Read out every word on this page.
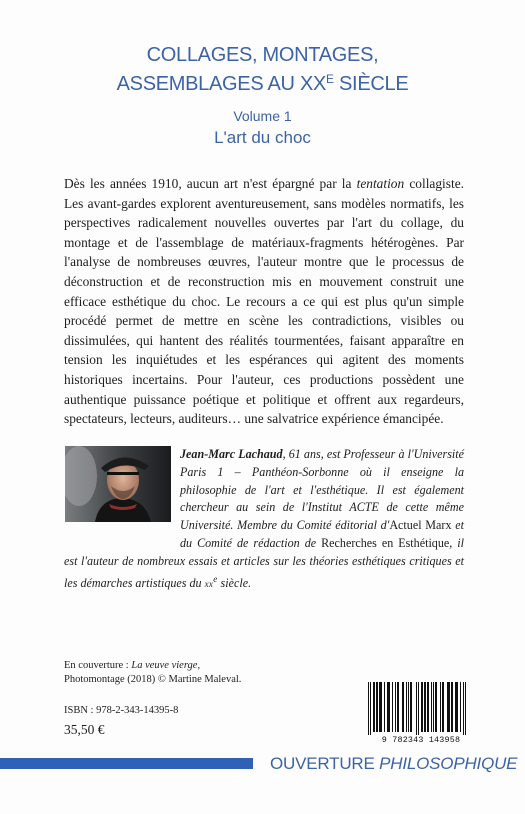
COLLAGES, MONTAGES,
ASSEMBLAGES AU $XX^E$ SIÈCLE
Volume 1
L'art du choc
Dès les années 1910, aucun art n'est épargné par la tentation collagiste. Les avant-gardes explorent aventureusement, sans modèles normatifs, les perspectives radicalement nouvelles ouvertes par l'art du collage, du montage et de l'assemblage de matériaux-fragments hétérogènes. Par l'analyse de nombreuses œuvres, l'auteur montre que le processus de déconstruction et de reconstruction mis en mouvement construit une efficace esthétique du choc. Le recours a ce qui est plus qu'un simple procédé permet de mettre en scène les contradictions, visibles ou dissimulées, qui hantent des réalités tourmentées, faisant apparaître en tension les inquiétudes et les espérances qui agitent des moments historiques incertains. Pour l'auteur, ces productions possèdent une authentique puissance poétique et politique et offrent aux regardeurs, spectateurs, lecteurs, auditeurs… une salvatrice expérience émancipée.
Jean-Marc Lachaud, 61 ans, est Professeur à l'Université Paris 1 – Panthéon-Sorbonne où il enseigne la philosophie de l'art et l'esthétique. Il est également chercheur au sein de l'Institut ACTE de cette même Université. Membre du Comité éditorial d'Actuel Marx et du Comité de rédaction de Recherches en Esthétique, il est l'auteur de nombreux essais et articles sur les théories esthétiques critiques et les démarches artistiques du $xx^e$ siècle.
En couverture : La veuve vierge,
Photomontage (2018) © Martine Maleval.
ISBN : 978-2-343-14395-8
35,50 €
9 782343 143958
OUVERTURE PHILOSOPHIQUE
